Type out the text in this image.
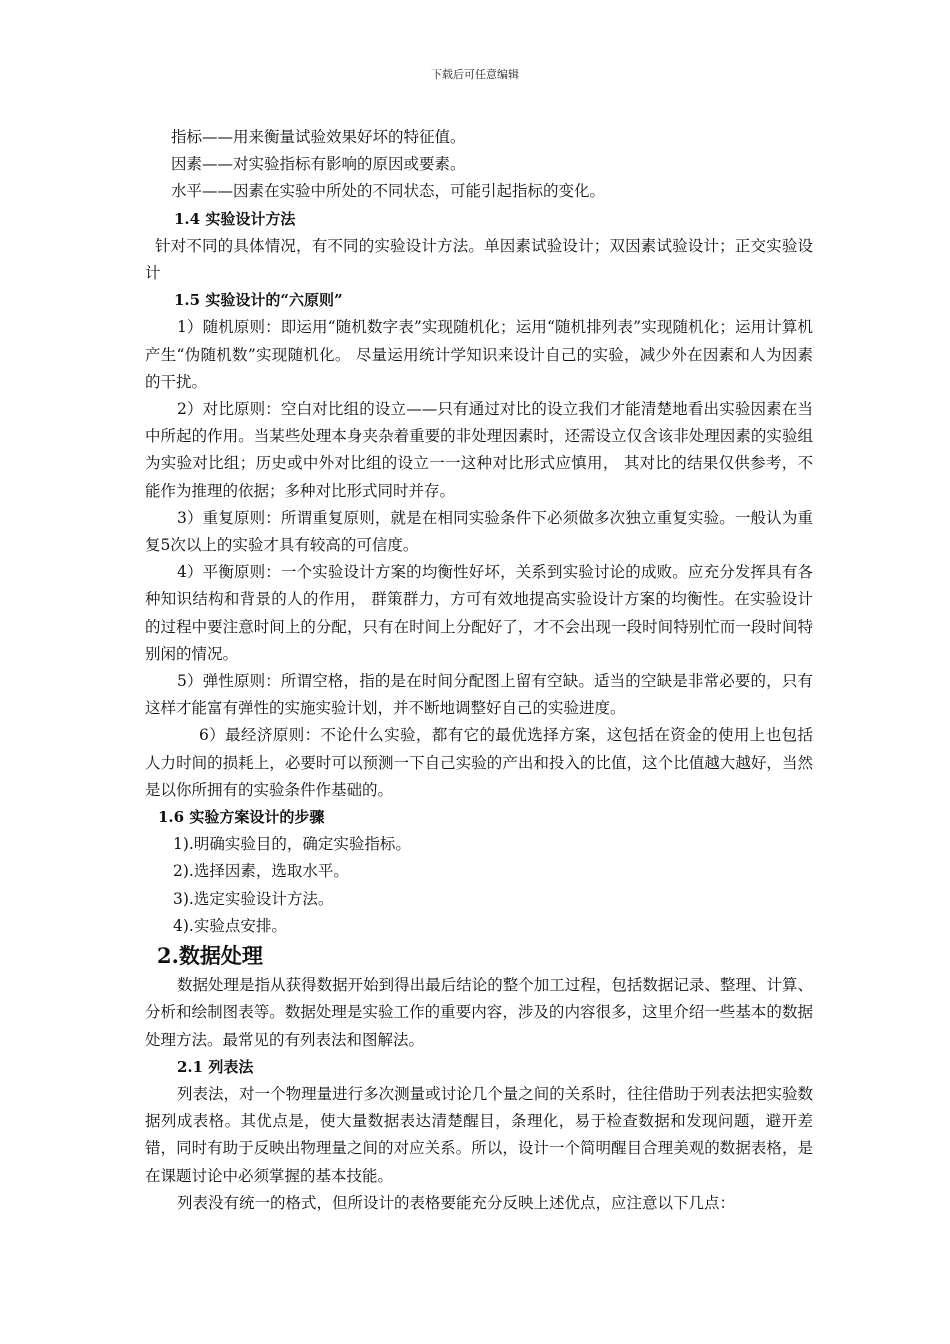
下载后可任意编辑

指标——用来衡量试验效果好坏的特征值。

因素——对实验指标有影响的原因或要素。

水平——因素在实验中所处的不同状态，可能引起指标的变化。

1.4 实验设计方法

针对不同的具体情况，有不同的实验设计方法。单因素试验设计；双因素试验设计；正交实验设计

1.5 实验设计的“六原则”

1）随机原则：即运用“随机数字表”实现随机化；运用“随机排列表”实现随机化；运用计算机产生“伪随机数”实现随机化。 尽量运用统计学知识来设计自己的实验，减少外在因素和人为因素的干扰。

2）对比原则：空白对比组的设立——只有通过对比的设立我们才能清楚地看出实验因素在当中所起的作用。当某些处理本身夹杂着重要的非处理因素时，还需设立仅含该非处理因素的实验组为实验对比组；历史或中外对比组的设立一一这种对比形式应慎用， 其对比的结果仅供参考，不能作为推理的依据；多种对比形式同时并存。

3）重复原则：所谓重复原则，就是在相同实验条件下必须做多次独立重复实验。一般认为重复5次以上的实验才具有较高的可信度。

4）平衡原则：一个实验设计方案的均衡性好坏，关系到实验讨论的成败。应充分发挥具有各种知识结构和背景的人的作用， 群策群力，方可有效地提高实验设计方案的均衡性。在实验设计的过程中要注意时间上的分配，只有在时间上分配好了，才不会出现一段时间特别忙而一段时间特别闲的情况。

5）弹性原则：所谓空格，指的是在时间分配图上留有空缺。适当的空缺是非常必要的，只有这样才能富有弹性的实施实验计划，并不断地调整好自己的实验进度。

6）最经济原则：不论什么实验，都有它的最优选择方案，这包括在资金的使用上也包括人力时间的损耗上，必要时可以预测一下自己实验的产出和投入的比值，这个比值越大越好，当然是以你所拥有的实验条件作基础的。

1.6 实验方案设计的步骤

1).明确实验目的，确定实验指标。

2).选择因素，选取水平。

3).选定实验设计方法。

4).实验点安排。

2.数据处理

数据处理是指从获得数据开始到得出最后结论的整个加工过程，包括数据记录、整理、计算、分析和绘制图表等。数据处理是实验工作的重要内容，涉及的内容很多，这里介绍一些基本的数据处理方法。最常见的有列表法和图解法。

2.1 列表法

列表法，对一个物理量进行多次测量或讨论几个量之间的关系时，往往借助于列表法把实验数据列成表格。其优点是，使大量数据表达清楚醒目，条理化，易于检查数据和发现问题，避开差错，同时有助于反映出物理量之间的对应关系。所以，设计一个简明醒目合理美观的数据表格，是在课题讨论中必须掌握的基本技能。

列表没有统一的格式，但所设计的表格要能充分反映上述优点，应注意以下几点：
